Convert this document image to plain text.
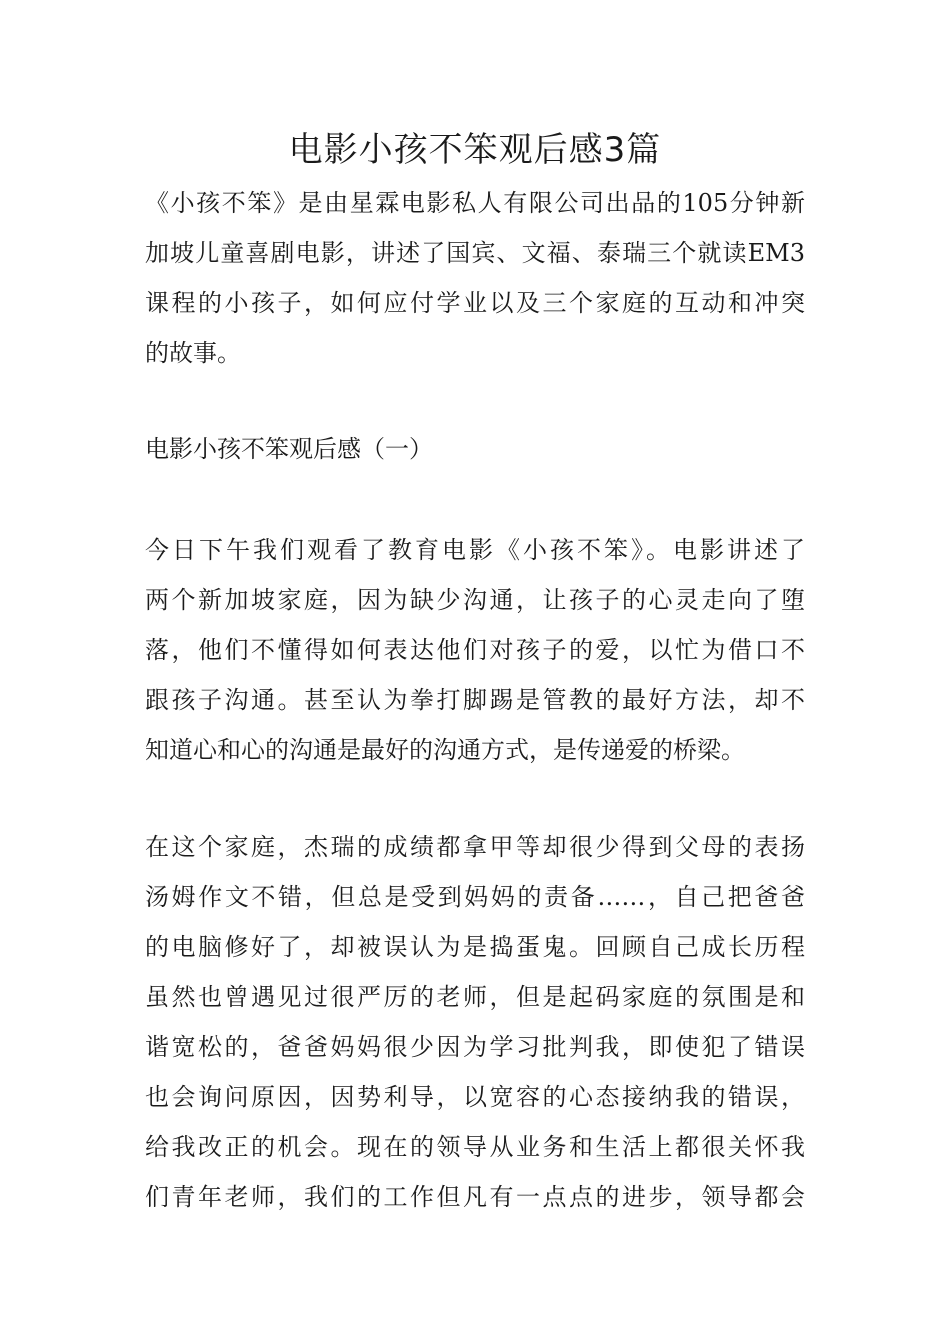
电影小孩不笨观后感3篇
《小孩不笨》是由星霖电影私人有限公司出品的105分钟新
加坡儿童喜剧电影，讲述了国宾、文福、泰瑞三个就读EM3
课程的小孩子，如何应付学业以及三个家庭的互动和冲突
的故事。
电影小孩不笨观后感（一）
今日下午我们观看了教育电影《小孩不笨》。电影讲述了
两个新加坡家庭，因为缺少沟通，让孩子的心灵走向了堕
落，他们不懂得如何表达他们对孩子的爱，以忙为借口不
跟孩子沟通。甚至认为拳打脚踢是管教的最好方法，却不
知道心和心的沟通是最好的沟通方式，是传递爱的桥梁。
在这个家庭，杰瑞的成绩都拿甲等却很少得到父母的表扬
汤姆作文不错，但总是受到妈妈的责备……，自己把爸爸
的电脑修好了，却被误认为是捣蛋鬼。回顾自己成长历程
虽然也曾遇见过很严厉的老师，但是起码家庭的氛围是和
谐宽松的，爸爸妈妈很少因为学习批判我，即使犯了错误
也会询问原因，因势利导，以宽容的心态接纳我的错误，
给我改正的机会。现在的领导从业务和生活上都很关怀我
们青年老师，我们的工作但凡有一点点的进步，领导都会
